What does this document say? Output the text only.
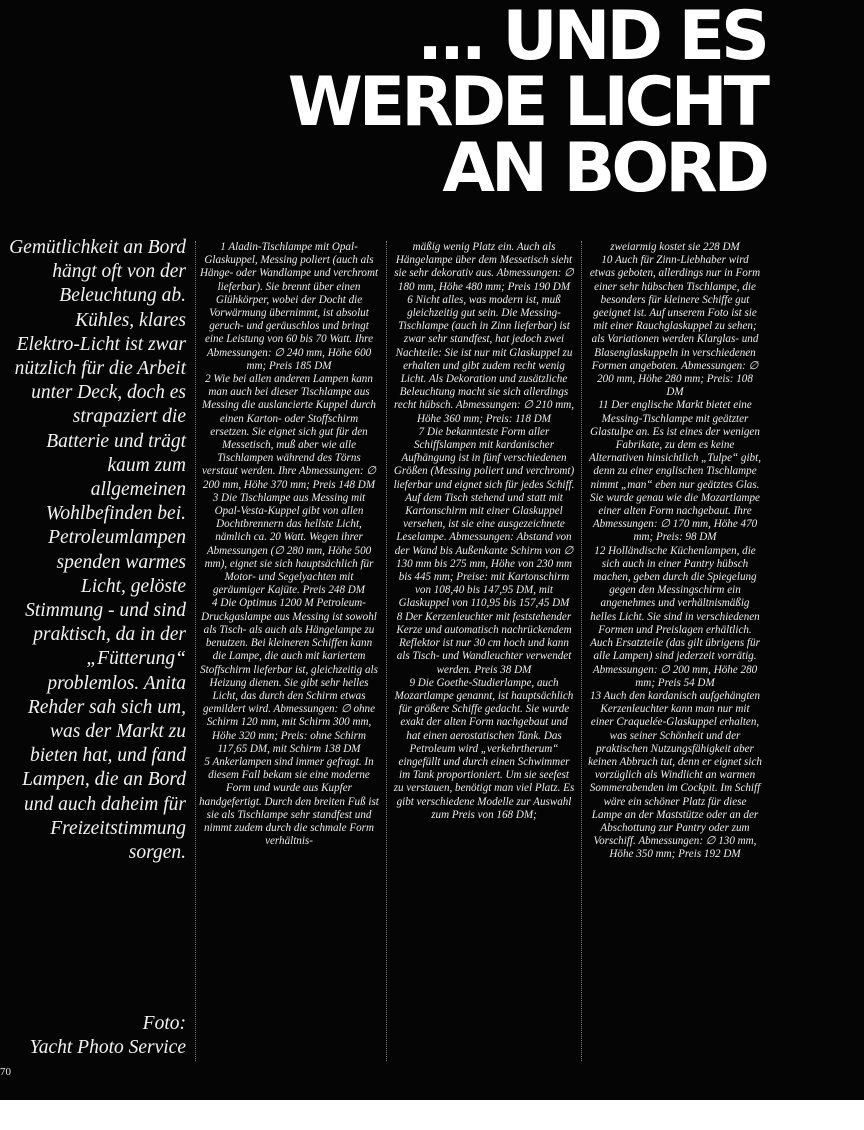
... UND ES
WERDE LICHT
AN BORD
Gemütlichkeit an Bord hängt oft von der Beleuchtung ab. Kühles, klares Elektro-Licht ist zwar nützlich für die Arbeit unter Deck, doch es strapaziert die Batterie und trägt kaum zum allgemeinen Wohlbefinden bei. Petroleumlampen spenden warmes Licht, gelöste Stimmung - und sind praktisch, da in der „Fütterung“ problemlos. Anita Rehder sah sich um, was der Markt zu bieten hat, und fand Lampen, die an Bord und auch daheim für Freizeitstimmung sorgen.
Foto:
Yacht Photo Service

1 Aladin-Tischlampe mit Opal-Glaskuppel, Messing poliert (auch als Hänge- oder Wandlampe und verchromt lieferbar). Sie brennt über einen Glühkörper, wobei der Docht die Vorwärmung übernimmt, ist absolut geruch- und geräuschlos und bringt eine Leistung von 60 bis 70 Watt. Ihre Abmessungen: ∅ 240 mm, Höhe 600 mm; Preis 185 DM

2 Wie bei allen anderen Lampen kann man auch bei dieser Tischlampe aus Messing die auslancierte Kuppel durch einen Karton- oder Stoffschirm ersetzen. Sie eignet sich gut für den Messetisch, muß aber wie alle Tischlampen während des Törns verstaut werden. Ihre Abmessungen: ∅ 200 mm, Höhe 370 mm; Preis 148 DM

3 Die Tischlampe aus Messing mit Opal-Vesta-Kuppel gibt von allen Dochtbrennern das hellste Licht, nämlich ca. 20 Watt. Wegen ihrer Abmessungen (∅ 280 mm, Höhe 500 mm), eignet sie sich hauptsächlich für Motor- und Segelyachten mit geräumiger Kajüte. Preis 248 DM

4 Die Optimus 1200 M Petroleum-Druckgaslampe aus Messing ist sowohl als Tisch- als auch als Hängelampe zu benutzen. Bei kleineren Schiffen kann die Lampe, die auch mit kariertem Stoffschirm lieferbar ist, gleichzeitig als Heizung dienen. Sie gibt sehr helles Licht, das durch den Schirm etwas gemildert wird. Abmessungen: ∅ ohne Schirm 120 mm, mit Schirm 300 mm, Höhe 320 mm; Preis: ohne Schirm 117,65 DM, mit Schirm 138 DM

5 Ankerlampen sind immer gefragt. In diesem Fall bekam sie eine moderne Form und wurde aus Kupfer handgefertigt. Durch den breiten Fuß ist sie als Tischlampe sehr standfest und nimmt zudem durch die schmale Form verhältnis-

mäßig wenig Platz ein. Auch als Hängelampe über dem Messetisch sieht sie sehr dekorativ aus. Abmessungen: ∅ 180 mm, Höhe 480 mm; Preis 190 DM

6 Nicht alles, was modern ist, muß gleichzeitig gut sein. Die Messing-Tischlampe (auch in Zinn lieferbar) ist zwar sehr standfest, hat jedoch zwei Nachteile: Sie ist nur mit Glaskuppel zu erhalten und gibt zudem recht wenig Licht. Als Dekoration und zusätzliche Beleuchtung macht sie sich allerdings recht hübsch. Abmessungen: ∅ 210 mm, Höhe 360 mm; Preis: 118 DM

7 Die bekannteste Form aller Schiffslampen mit kardanischer Aufhängung ist in fünf verschiedenen Größen (Messing poliert und verchromt) lieferbar und eignet sich für jedes Schiff. Auf dem Tisch stehend und statt mit Kartonschirm mit einer Glaskuppel versehen, ist sie eine ausgezeichnete Leselampe. Abmessungen: Abstand von der Wand bis Außenkante Schirm von ∅ 130 mm bis 275 mm, Höhe von 230 mm bis 445 mm; Preise: mit Kartonschirm von 108,40 bis 147,95 DM, mit Glaskuppel von 110,95 bis 157,45 DM

8 Der Kerzenleuchter mit feststehender Kerze und automatisch nachrückendem Reflektor ist nur 30 cm hoch und kann als Tisch- und Wandleuchter verwendet werden. Preis 38 DM

9 Die Goethe-Studierlampe, auch Mozartlampe genannt, ist hauptsächlich für größere Schiffe gedacht. Sie wurde exakt der alten Form nachgebaut und hat einen aerostatischen Tank. Das Petroleum wird „verkehrtherum“ eingefüllt und durch einen Schwimmer im Tank proportioniert. Um sie seefest zu verstauen, benötigt man viel Platz. Es gibt verschiedene Modelle zur Auswahl zum Preis von 168 DM;

zweiarmig kostet sie 228 DM

10 Auch für Zinn-Liebhaber wird etwas geboten, allerdings nur in Form einer sehr hübschen Tischlampe, die besonders für kleinere Schiffe gut geeignet ist. Auf unserem Foto ist sie mit einer Rauchglaskuppel zu sehen; als Variationen werden Klarglas- und Blasenglaskuppeln in verschiedenen Formen angeboten. Abmessungen: ∅ 200 mm, Höhe 280 mm; Preis: 108 DM

11 Der englische Markt bietet eine Messing-Tischlampe mit geätzter Glastulpe an. Es ist eines der wenigen Fabrikate, zu dem es keine Alternativen hinsichtlich „Tulpe“ gibt, denn zu einer englischen Tischlampe nimmt „man“ eben nur geätztes Glas. Sie wurde genau wie die Mozartlampe einer alten Form nachgebaut. Ihre Abmessungen: ∅ 170 mm, Höhe 470 mm; Preis: 98 DM

12 Holländische Küchenlampen, die sich auch in einer Pantry hübsch machen, geben durch die Spiegelung gegen den Messingschirm ein angenehmes und verhältnismäßig helles Licht. Sie sind in verschiedenen Formen und Preislagen erhältlich. Auch Ersatzteile (das gilt übrigens für alle Lampen) sind jederzeit vorrätig. Abmessungen: ∅ 200 mm, Höhe 280 mm; Preis 54 DM

13 Auch den kardanisch aufgehängten Kerzenleuchter kann man nur mit einer Craquelée-Glaskuppel erhalten, was seiner Schönheit und der praktischen Nutzungsfähigkeit aber keinen Abbruch tut, denn er eignet sich vorzüglich als Windlicht an warmen Sommerabenden im Cockpit. Im Schiff wäre ein schöner Platz für diese Lampe an der Maststütze oder an der Abschottung zur Pantry oder zum Vorschiff. Abmessungen: ∅ 130 mm, Höhe 350 mm; Preis 192 DM

70
